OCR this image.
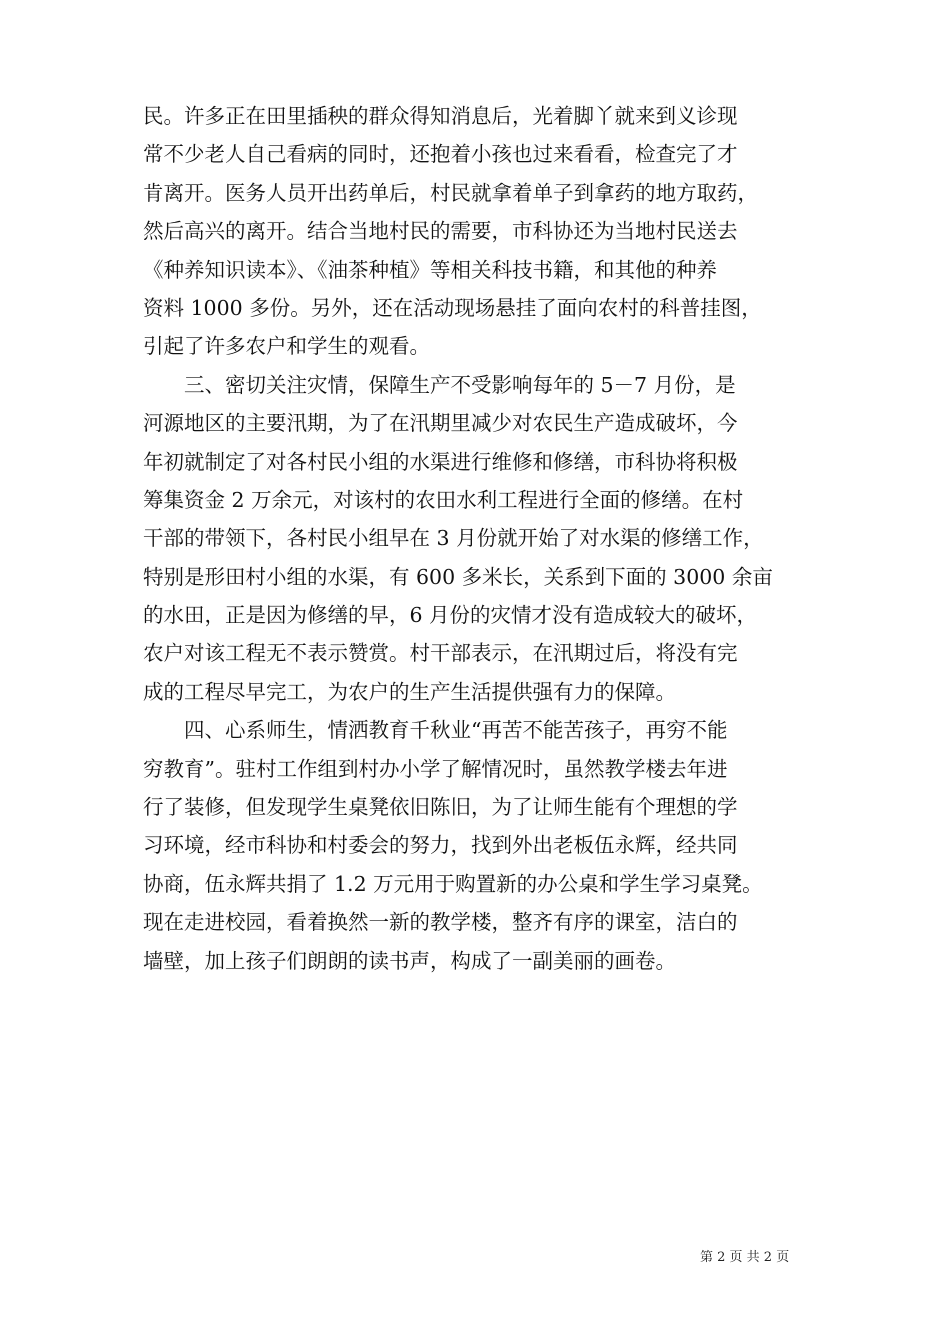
民。许多正在田里插秧的群众得知消息后，光着脚丫就来到义诊现
常不少老人自己看病的同时，还抱着小孩也过来看看，检查完了才
肯离开。医务人员开出药单后，村民就拿着单子到拿药的地方取药，
然后高兴的离开。结合当地村民的需要，市科协还为当地村民送去
《种养知识读本》、《油茶种植》等相关科技书籍，和其他的种养
资料 1000 多份。另外，还在活动现场悬挂了面向农村的科普挂图，
引起了许多农户和学生的观看。
三、密切关注灾情，保障生产不受影响每年的 5－7 月份，是
河源地区的主要汛期，为了在汛期里减少对农民生产造成破坏，今
年初就制定了对各村民小组的水渠进行维修和修缮，市科协将积极
筹集资金 2 万余元，对该村的农田水利工程进行全面的修缮。在村
干部的带领下，各村民小组早在 3 月份就开始了对水渠的修缮工作，
特别是形田村小组的水渠，有 600 多米长，关系到下面的 3000 余亩
的水田，正是因为修缮的早，6 月份的灾情才没有造成较大的破坏，
农户对该工程无不表示赞赏。村干部表示，在汛期过后，将没有完
成的工程尽早完工，为农户的生产生活提供强有力的保障。
四、心系师生，情洒教育千秋业“再苦不能苦孩子，再穷不能
穷教育”。驻村工作组到村办小学了解情况时，虽然教学楼去年进
行了装修，但发现学生桌凳依旧陈旧，为了让师生能有个理想的学
习环境，经市科协和村委会的努力，找到外出老板伍永辉，经共同
协商，伍永辉共捐了 1.2 万元用于购置新的办公桌和学生学习桌凳。
现在走进校园，看着换然一新的教学楼，整齐有序的课室，洁白的
墙壁，加上孩子们朗朗的读书声，构成了一副美丽的画卷。
第 2 页 共 2 页
